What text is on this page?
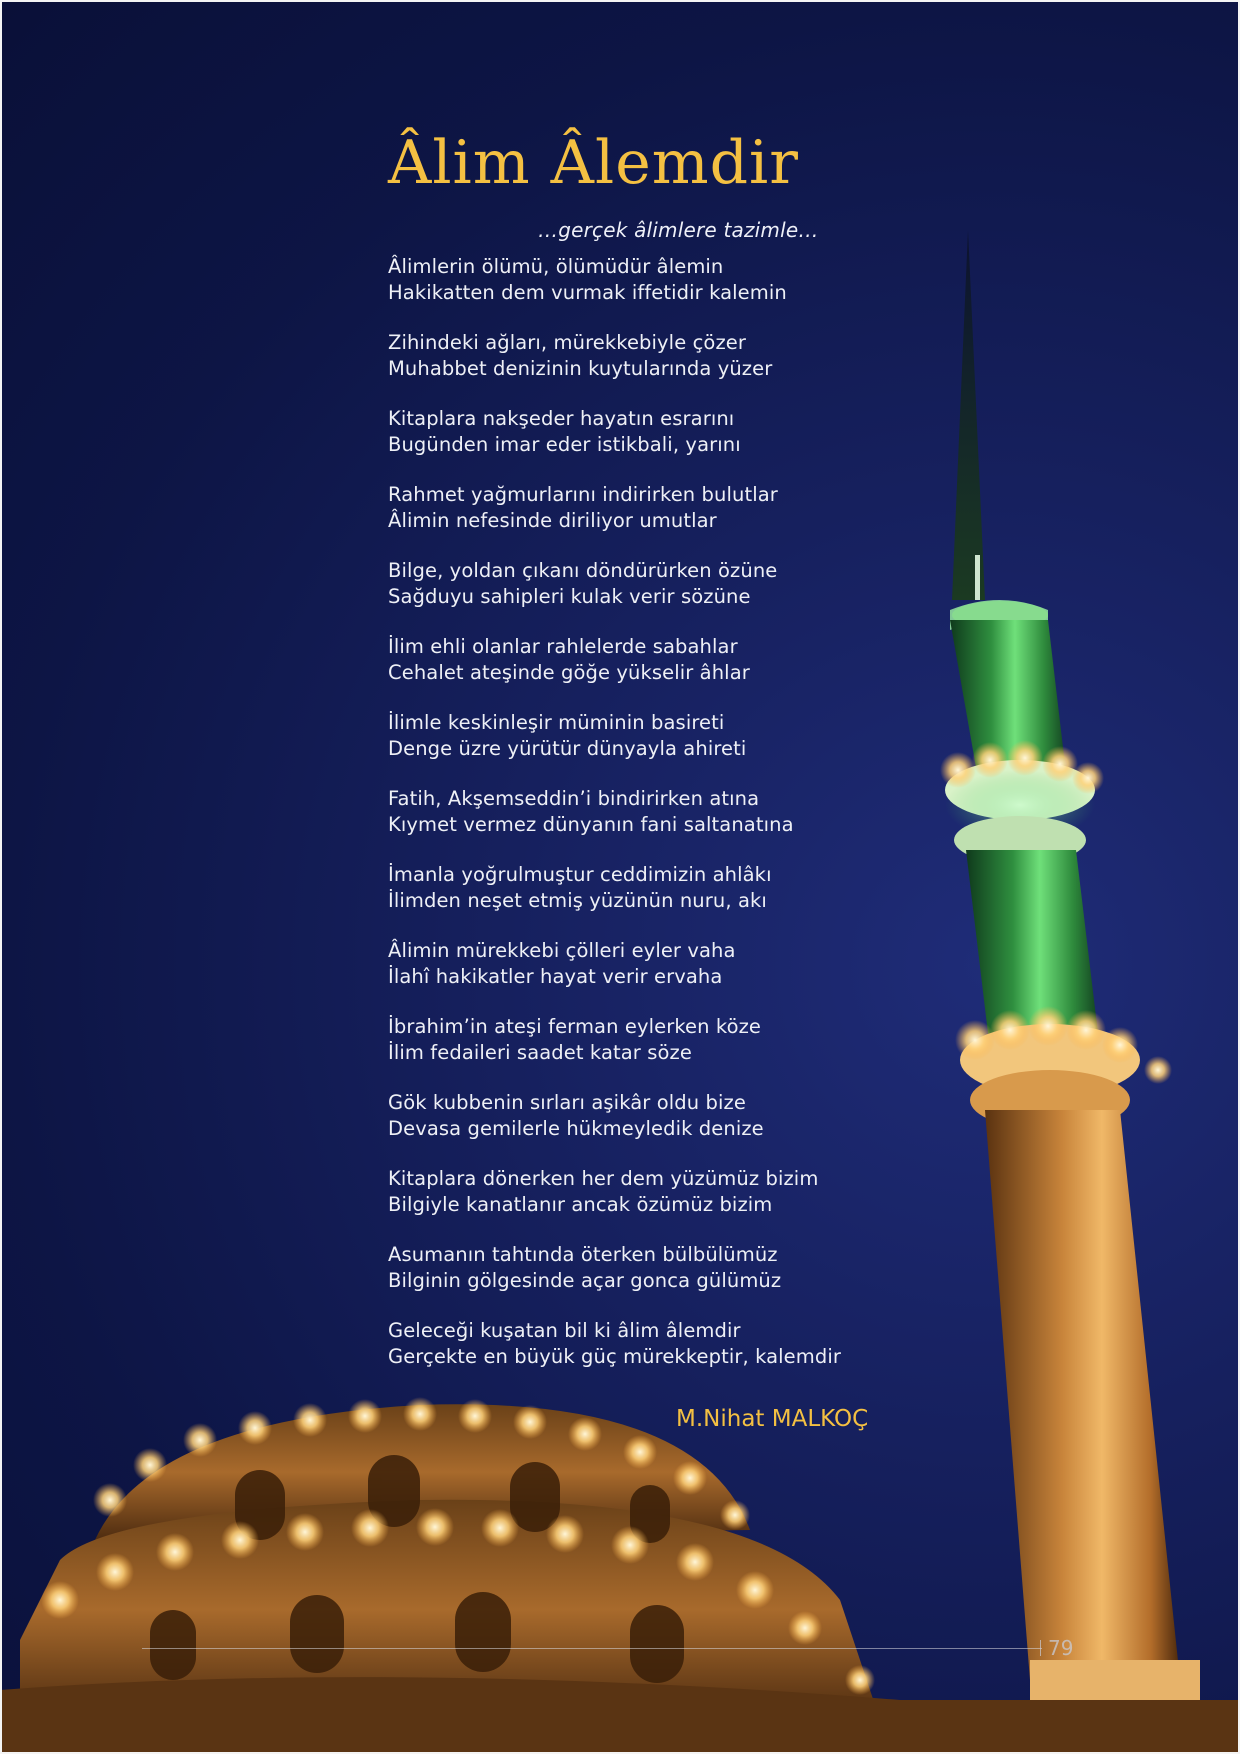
Âlim Âlemdir
…gerçek âlimlere tazimle…
Âlimlerin ölümü, ölümüdür âlemin
Hakikatten dem vurmak iffetidir kalemin
Zihindeki ağları, mürekkebiyle çözer
Muhabbet denizinin kuytularında yüzer
Kitaplara nakşeder hayatın esrarını
Bugünden imar eder istikbali, yarını
Rahmet yağmurlarını indirirken bulutlar
Âlimin nefesinde diriliyor umutlar
Bilge, yoldan çıkanı döndürürken özüne
Sağduyu sahipleri kulak verir sözüne
İlim ehli olanlar rahlelerde sabahlar
Cehalet ateşinde göğe yükselir âhlar
İlimle keskinleşir müminin basireti
Denge üzre yürütür dünyayla ahireti
Fatih, Akşemseddin’i bindirirken atına
Kıymet vermez dünyanın fani saltanatına
İmanla yoğrulmuştur ceddimizin ahlâkı
İlimden neşet etmiş yüzünün nuru, akı
Âlimin mürekkebi çölleri eyler vaha
İlahî hakikatler hayat verir ervaha
İbrahim’in ateşi ferman eylerken köze
İlim fedaileri saadet katar söze
Gök kubbenin sırları aşikâr oldu bize
Devasa gemilerle hükmeyledik denize
Kitaplara dönerken her dem yüzümüz bizim
Bilgiyle kanatlanır ancak özümüz bizim
Asumanın tahtında öterken bülbülümüz
Bilginin gölgesinde açar gonca gülümüz
Geleceği kuşatan bil ki âlim âlemdir
Gerçekte en büyük güç mürekkeptir, kalemdir
M.Nihat MALKOÇ
79
